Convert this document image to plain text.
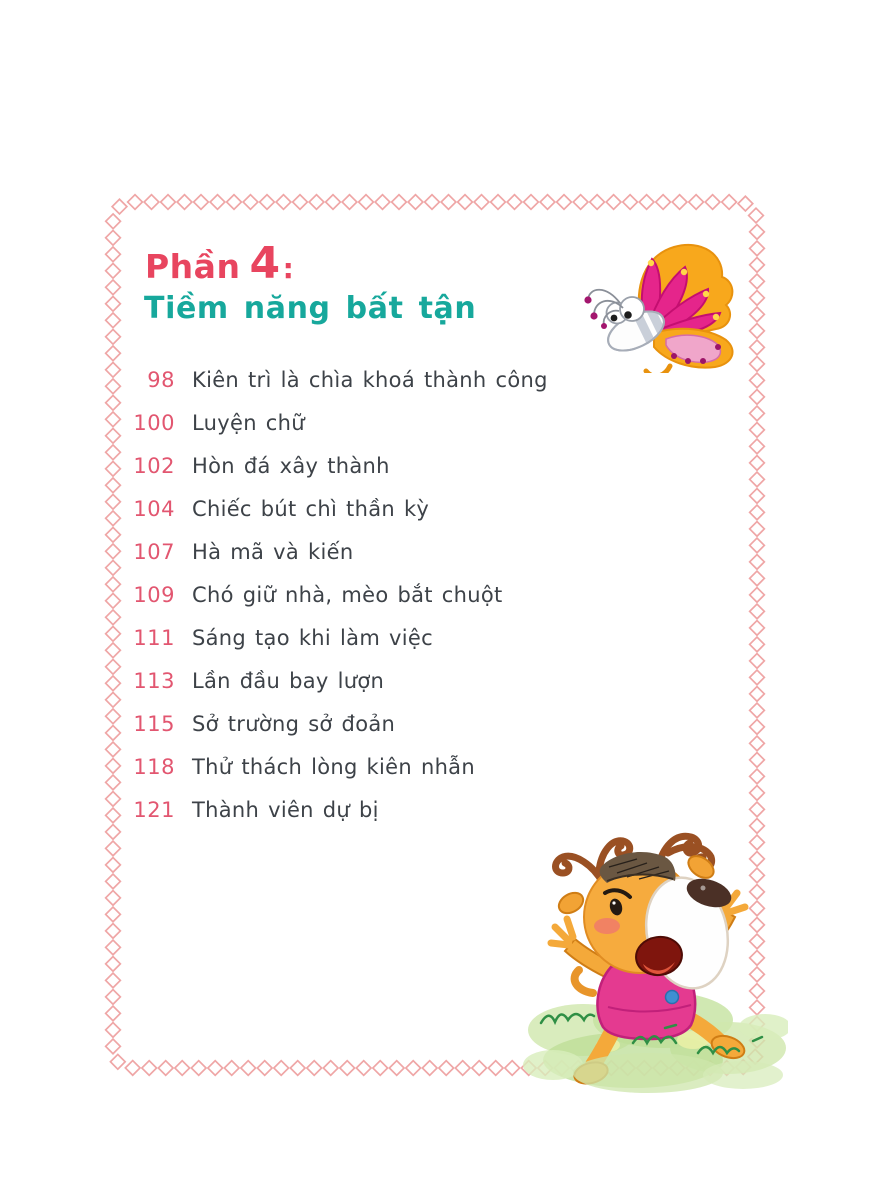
Phần 4 :
Tiềm năng bất tận
98 Kiên trì là chìa khoá thành công
100 Luyện chữ
102 Hòn đá xây thành
104 Chiếc bút chì thần kỳ
107 Hà mã và kiến
109 Chó giữ nhà, mèo bắt chuột
111 Sáng tạo khi làm việc
113 Lần đầu bay lượn
115 Sở trường sở đoản
118 Thử thách lòng kiên nhẫn
121 Thành viên dự bị
